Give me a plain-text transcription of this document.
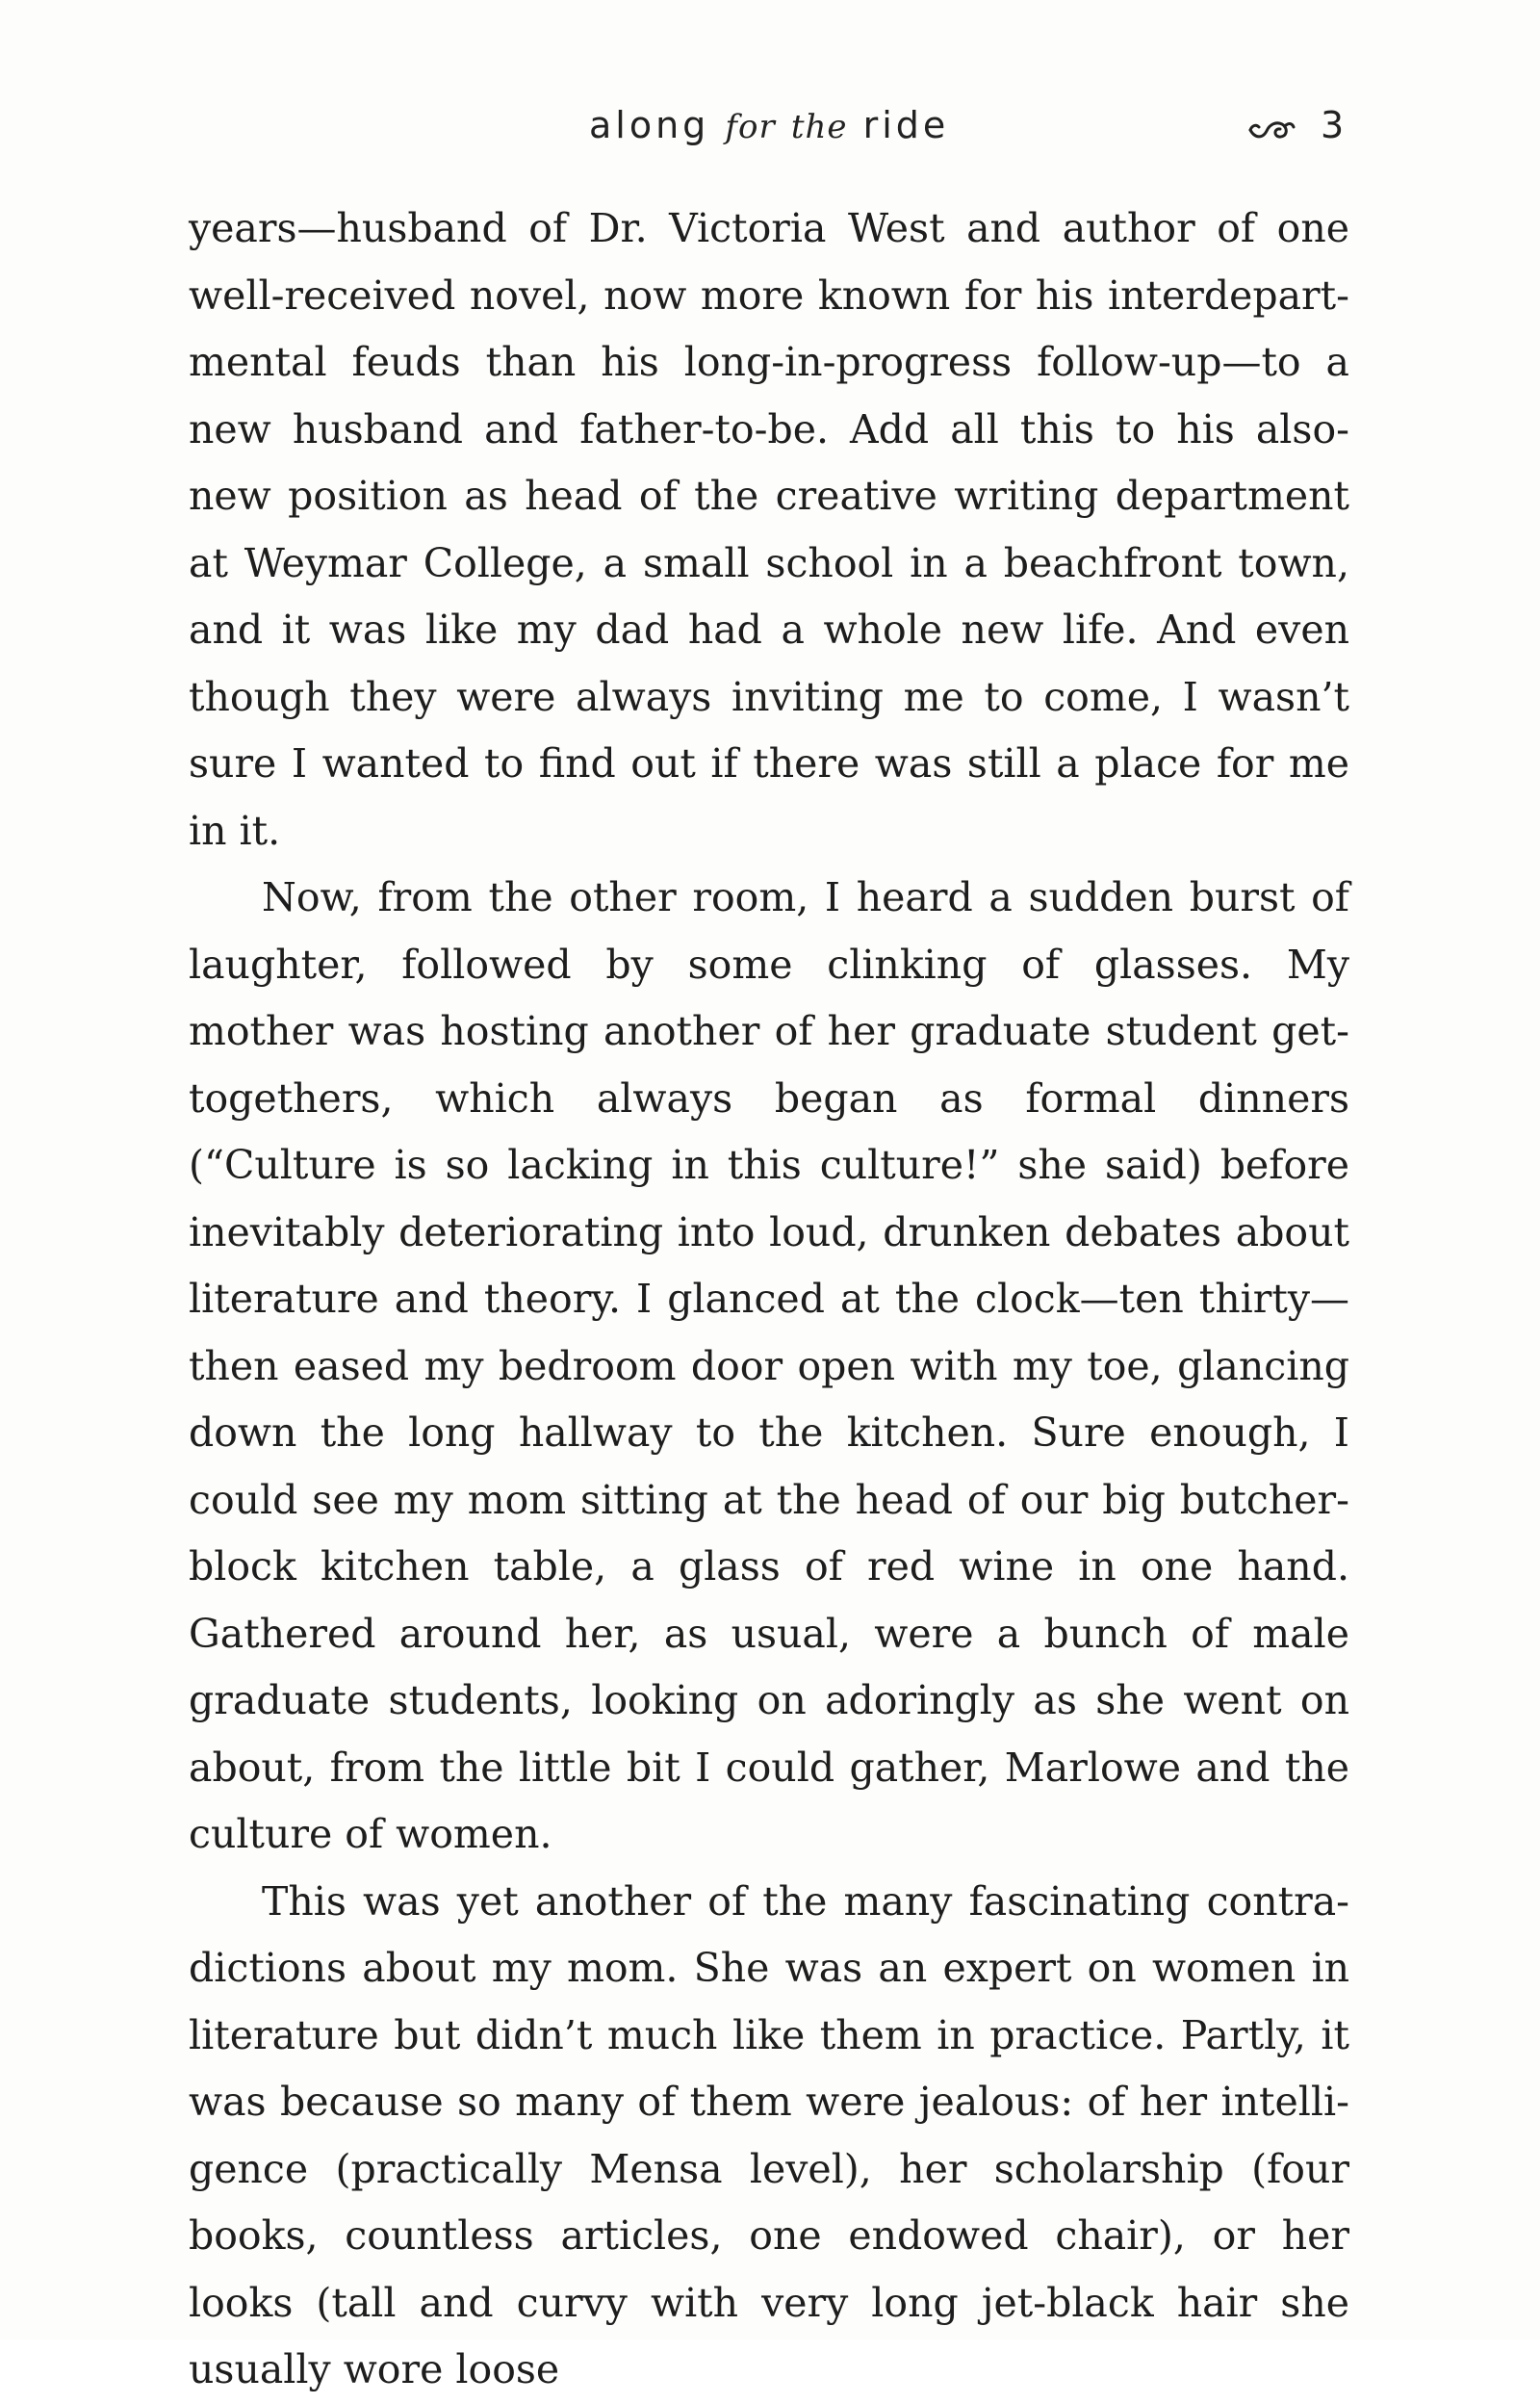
along for the ride	3

years—husband of Dr. Victoria West and author of one well-received novel, now more known for his interdepartmental feuds than his long-in-progress follow-up—to a new husband and father-to-be. Add all this to his also-new position as head of the creative writing department at Weymar College, a small school in a beachfront town, and it was like my dad had a whole new life. And even though they were always inviting me to come, I wasn’t sure I wanted to find out if there was still a place for me in it.

Now, from the other room, I heard a sudden burst of laughter, followed by some clinking of glasses. My mother was hosting another of her graduate student get-togethers, which always began as formal dinners (“Culture is so lacking in this culture!” she said) before inevitably deteriorating into loud, drunken debates about literature and theory. I glanced at the clock—ten thirty—then eased my bedroom door open with my toe, glancing down the long hallway to the kitchen. Sure enough, I could see my mom sitting at the head of our big butcher-block kitchen table, a glass of red wine in one hand. Gathered around her, as usual, were a bunch of male graduate students, looking on adoringly as she went on about, from the little bit I could gather, Marlowe and the culture of women.

This was yet another of the many fascinating contradictions about my mom. She was an expert on women in literature but didn’t much like them in practice. Partly, it was because so many of them were jealous: of her intelligence (practically Mensa level), her scholarship (four books, countless articles, one endowed chair), or her looks (tall and curvy with very long jet-black hair she usually wore loose
